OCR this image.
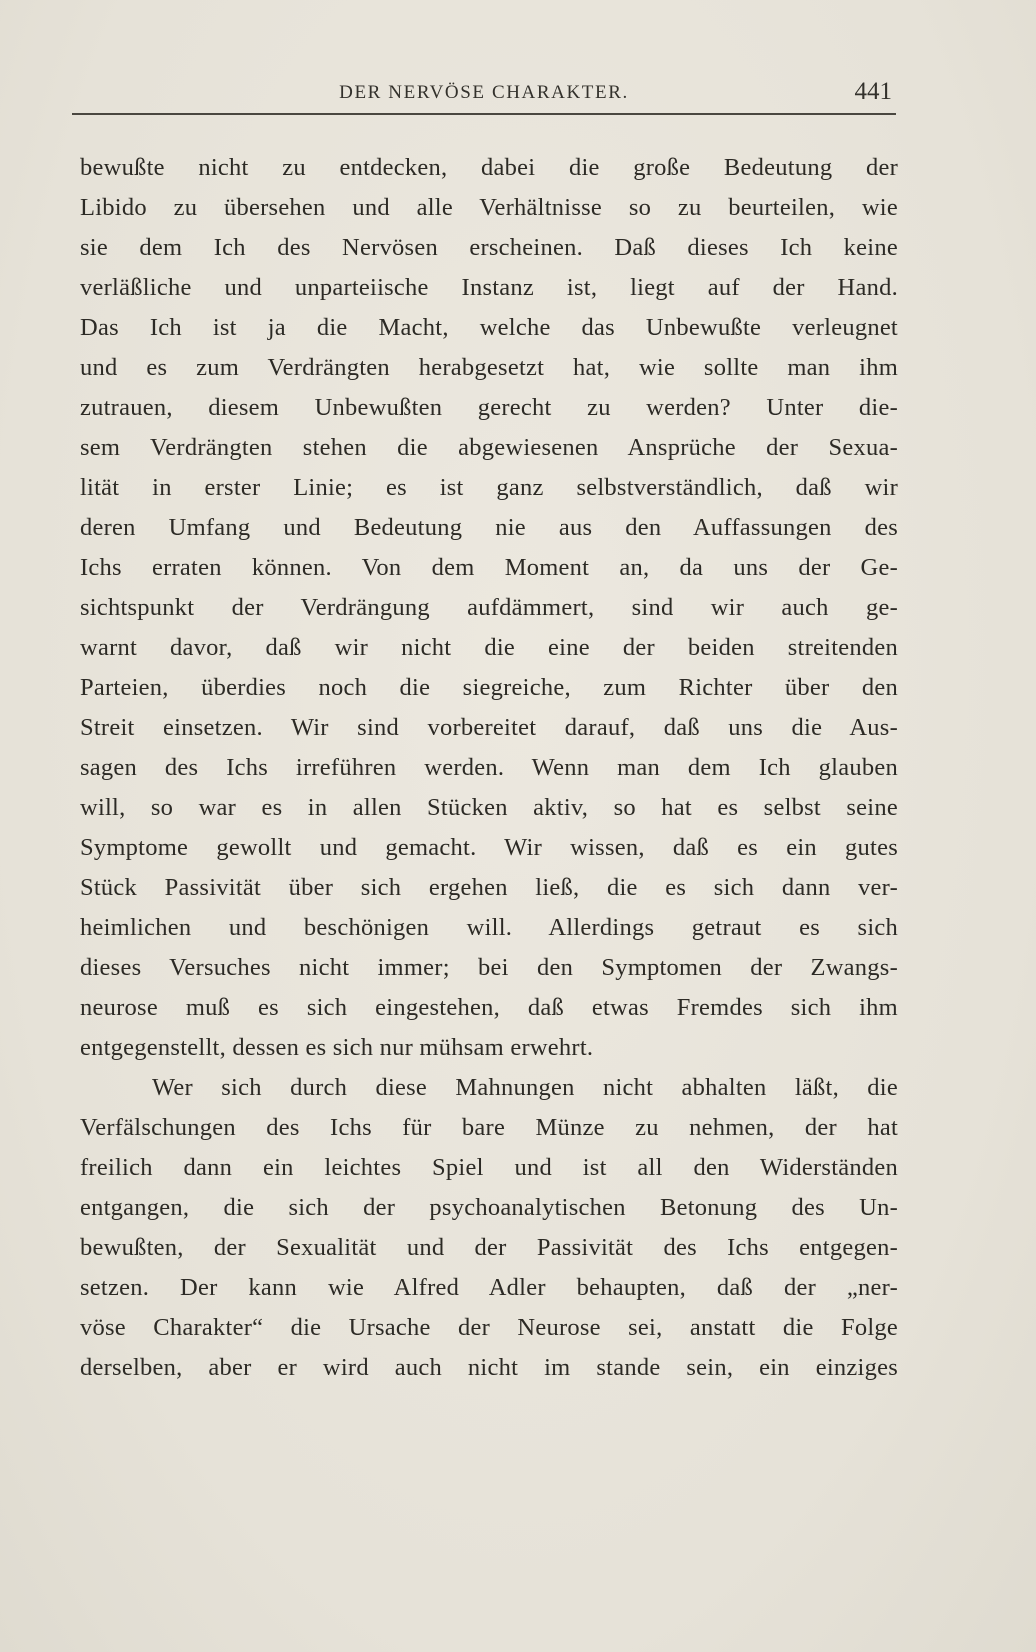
DER NERVÖSE CHARAKTER.	441
bewußte nicht zu entdecken, dabei die große Bedeutung der
Libido zu übersehen und alle Verhältnisse so zu beurteilen, wie
sie dem Ich des Nervösen erscheinen. Daß dieses Ich keine
verläßliche und unparteiische Instanz ist, liegt auf der Hand.
Das Ich ist ja die Macht, welche das Unbewußte verleugnet
und es zum Verdrängten herabgesetzt hat, wie sollte man ihm
zutrauen, diesem Unbewußten gerecht zu werden? Unter die-
sem Verdrängten stehen die abgewiesenen Ansprüche der Sexua-
lität in erster Linie; es ist ganz selbstverständlich, daß wir
deren Umfang und Bedeutung nie aus den Auffassungen des
Ichs erraten können. Von dem Moment an, da uns der Ge-
sichtspunkt der Verdrängung aufdämmert, sind wir auch ge-
warnt davor, daß wir nicht die eine der beiden streitenden
Parteien, überdies noch die siegreiche, zum Richter über den
Streit einsetzen. Wir sind vorbereitet darauf, daß uns die Aus-
sagen des Ichs irreführen werden. Wenn man dem Ich glauben
will, so war es in allen Stücken aktiv, so hat es selbst seine
Symptome gewollt und gemacht. Wir wissen, daß es ein gutes
Stück Passivität über sich ergehen ließ, die es sich dann ver-
heimlichen und beschönigen will. Allerdings getraut es sich
dieses Versuches nicht immer; bei den Symptomen der Zwangs-
neurose muß es sich eingestehen, daß etwas Fremdes sich ihm
entgegenstellt, dessen es sich nur mühsam erwehrt.
Wer sich durch diese Mahnungen nicht abhalten läßt, die
Verfälschungen des Ichs für bare Münze zu nehmen, der hat
freilich dann ein leichtes Spiel und ist all den Widerständen
entgangen, die sich der psychoanalytischen Betonung des Un-
bewußten, der Sexualität und der Passivität des Ichs entgegen-
setzen. Der kann wie Alfred Adler behaupten, daß der „ner-
vöse Charakter“ die Ursache der Neurose sei, anstatt die Folge
derselben, aber er wird auch nicht im stande sein, ein einziges
